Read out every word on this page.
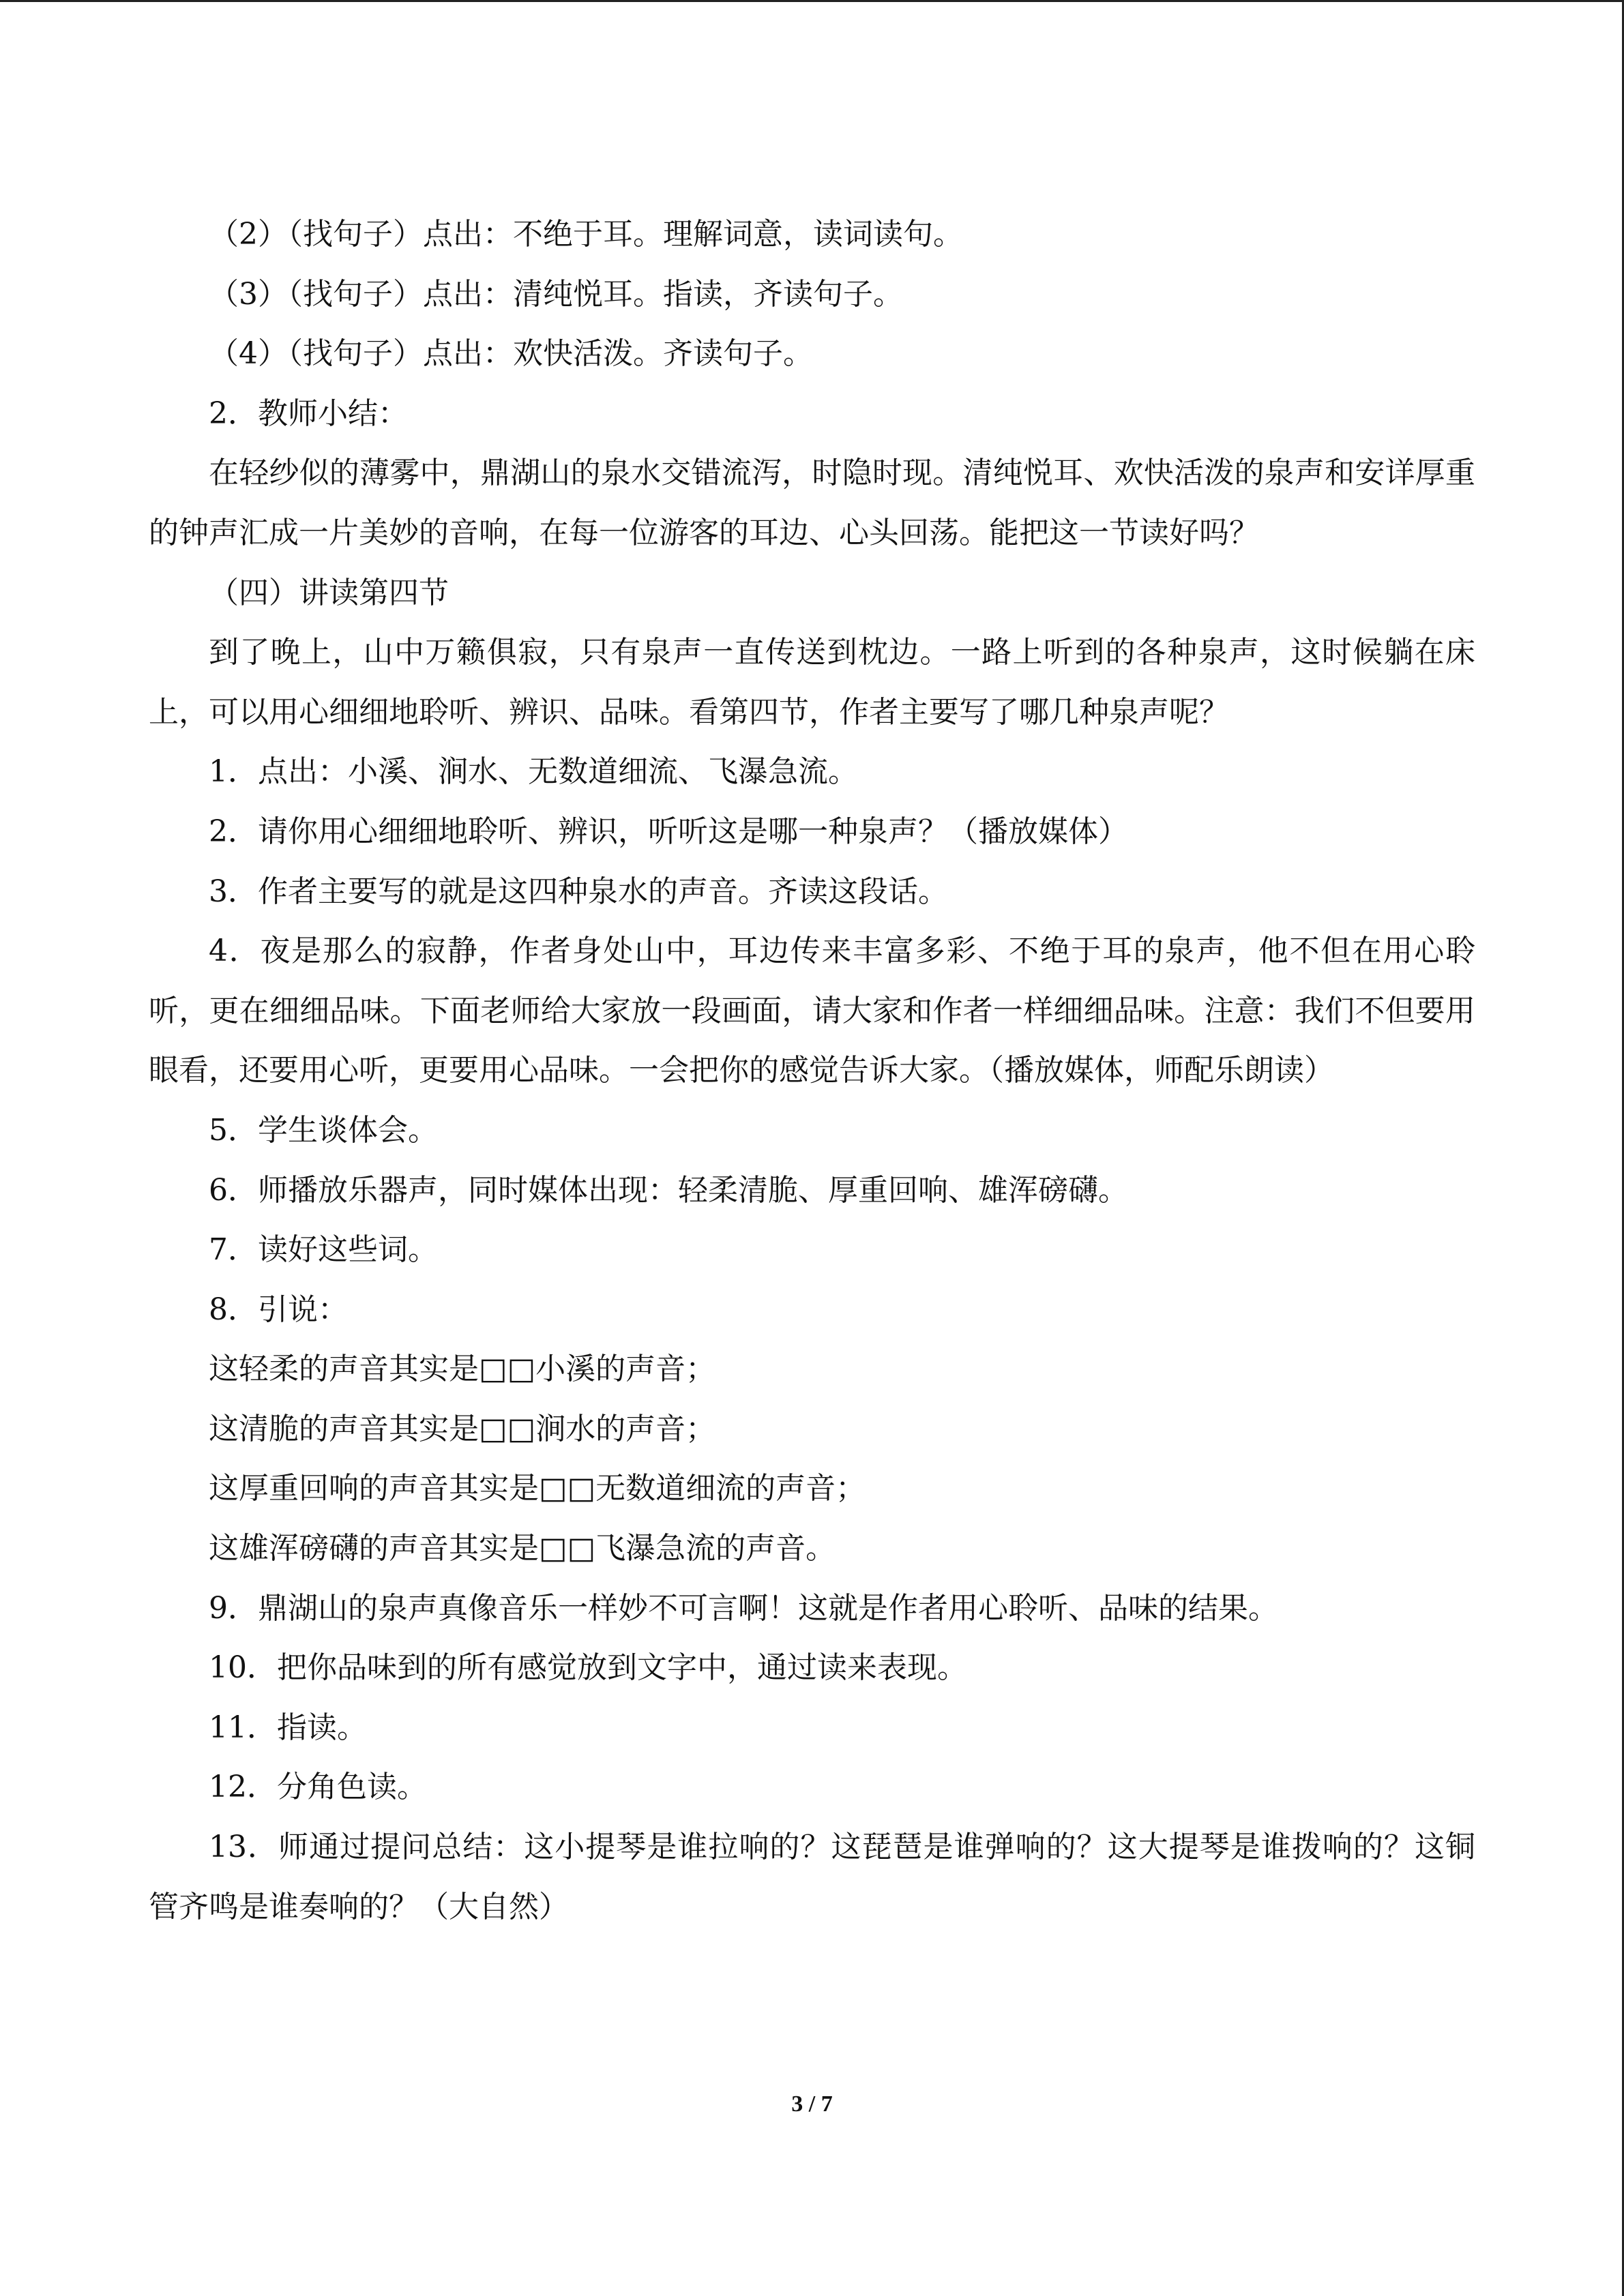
（2）（找句子）点出：不绝于耳。理解词意，读词读句。

（3）（找句子）点出：清纯悦耳。指读，齐读句子。

（4）（找句子）点出：欢快活泼。齐读句子。

2．教师小结：

在轻纱似的薄雾中，鼎湖山的泉水交错流泻，时隐时现。清纯悦耳、欢快活泼的泉声和安详厚重的钟声汇成一片美妙的音响，在每一位游客的耳边、心头回荡。能把这一节读好吗？

（四）讲读第四节

到了晚上，山中万籁俱寂，只有泉声一直传送到枕边。一路上听到的各种泉声，这时候躺在床上，可以用心细细地聆听、辨识、品味。看第四节，作者主要写了哪几种泉声呢？

1．点出：小溪、涧水、无数道细流、飞瀑急流。

2．请你用心细细地聆听、辨识，听听这是哪一种泉声？（播放媒体）

3．作者主要写的就是这四种泉水的声音。齐读这段话。

4．夜是那么的寂静，作者身处山中，耳边传来丰富多彩、不绝于耳的泉声，他不但在用心聆听，更在细细品味。下面老师给大家放一段画面，请大家和作者一样细细品味。注意：我们不但要用眼看，还要用心听，更要用心品味。一会把你的感觉告诉大家。（播放媒体，师配乐朗读）

5．学生谈体会。

6．师播放乐器声，同时媒体出现：轻柔清脆、厚重回响、雄浑磅礴。

7．读好这些词。

8．引说：

这轻柔的声音其实是□□小溪的声音；

这清脆的声音其实是□□涧水的声音；

这厚重回响的声音其实是□□无数道细流的声音；

这雄浑磅礴的声音其实是□□飞瀑急流的声音。

9．鼎湖山的泉声真像音乐一样妙不可言啊！这就是作者用心聆听、品味的结果。

10．把你品味到的所有感觉放到文字中，通过读来表现。

11．指读。

12．分角色读。

13．师通过提问总结：这小提琴是谁拉响的？这琵琶是谁弹响的？这大提琴是谁拨响的？这铜管齐鸣是谁奏响的？（大自然）

3 / 7
